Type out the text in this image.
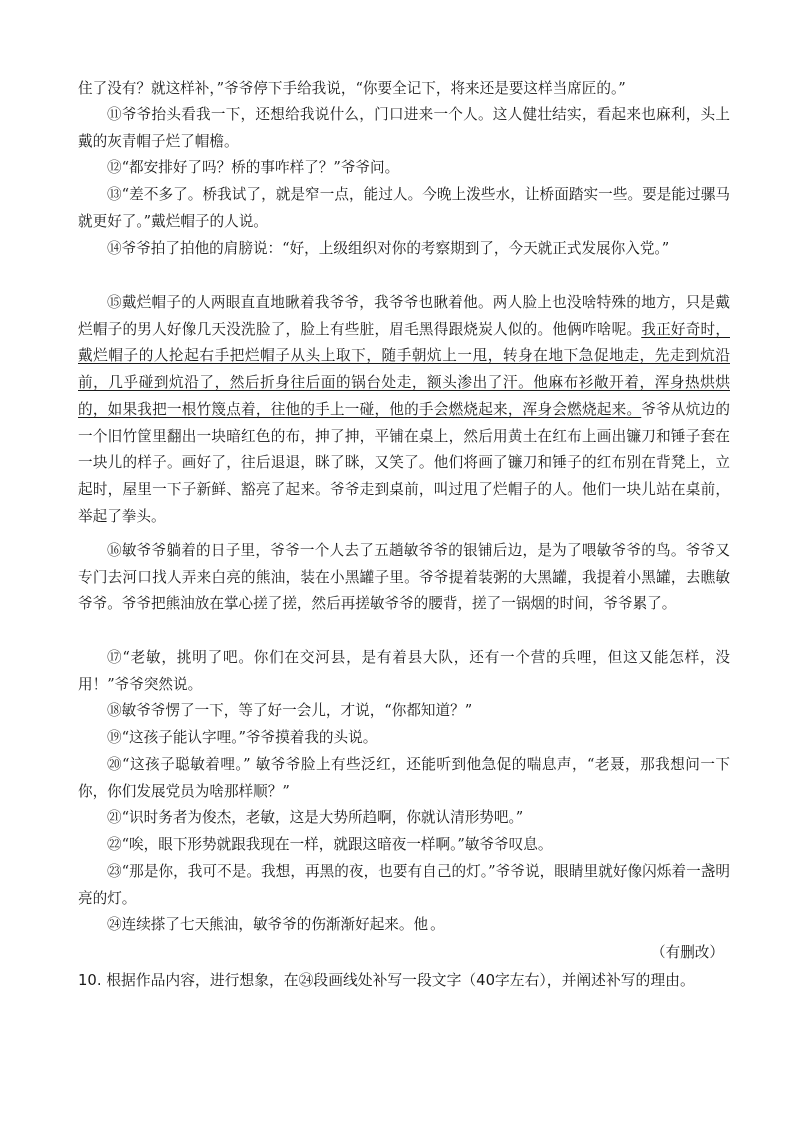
住了没有？就这样补，”爷爷停下手给我说，“你要全记下，将来还是要这样当席匠的。”

⑪爷爷抬头看我一下，还想给我说什么，门口进来一个人。这人健壮结实，看起来也麻利，头上戴的灰青帽子烂了帽檐。

⑫“都安排好了吗？桥的事咋样了？”爷爷问。

⑬“差不多了。桥我试了，就是窄一点，能过人。今晚上泼些水，让桥面踏实一些。要是能过骡马就更好了。”戴烂帽子的人说。

⑭爷爷拍了拍他的肩膀说：“好，上级组织对你的考察期到了，今天就正式发展你入党。”

⑮戴烂帽子的人两眼直直地瞅着我爷爷，我爷爷也瞅着他。两人脸上也没啥特殊的地方，只是戴烂帽子的男人好像几天没洗脸了，脸上有些脏，眉毛黑得跟烧炭人似的。他俩咋啥呢。我正好奇时，戴烂帽子的人抡起右手把烂帽子从头上取下，随手朝炕上一甩，转身在地下急促地走，先走到炕沿前，几乎碰到炕沿了，然后折身往后面的锅台处走，额头渗出了汗。他麻布衫敞开着，浑身热烘烘的，如果我把一根竹篾点着，往他的手上一碰，他的手会燃烧起来，浑身会燃烧起来。爷爷从炕边的一个旧竹筐里翻出一块暗红色的布，抻了抻，平铺在桌上，然后用黄土在红布上画出镰刀和锤子套在一块儿的样子。画好了，往后退退，眯了眯，又笑了。他们将画了镰刀和锤子的红布别在背凳上，立起时，屋里一下子新鲜、豁亮了起来。爷爷走到桌前，叫过甩了烂帽子的人。他们一块儿站在桌前，举起了拳头。

⑯敏爷爷躺着的日子里，爷爷一个人去了五趟敏爷爷的银铺后边，是为了喂敏爷爷的鸟。爷爷又专门去河口找人弄来白亮的熊油，装在小黑罐子里。爷爷提着装粥的大黑罐，我提着小黑罐，去瞧敏爷爷。爷爷把熊油放在掌心搓了搓，然后再搓敏爷爷的腰背，搓了一锅烟的时间，爷爷累了。

⑰“老敏，挑明了吧。你们在交河县，是有着县大队，还有一个营的兵哩，但这又能怎样，没用！”爷爷突然说。

⑱敏爷爷愣了一下，等了好一会儿，才说，“你都知道？”

⑲“这孩子能认字哩。”爷爷摸着我的头说。

⑳“这孩子聪敏着哩。” 敏爷爷脸上有些泛红，还能听到他急促的喘息声，“老聂，那我想问一下你，你们发展党员为啥那样顺？”

㉑“识时务者为俊杰，老敏，这是大势所趋啊，你就认清形势吧。”

㉒“唉，眼下形势就跟我现在一样，就跟这暗夜一样啊。”敏爷爷叹息。

㉓“那是你，我可不是。我想，再黑的夜，也要有自己的灯。”爷爷说，眼睛里就好像闪烁着一盏明亮的灯。

㉔连续搽了七天熊油，敏爷爷的伤渐渐好起来。他 。

（有删改）

10. 根据作品内容，进行想象，在㉔段画线处补写一段文字（40字左右），并阐述补写的理由。
